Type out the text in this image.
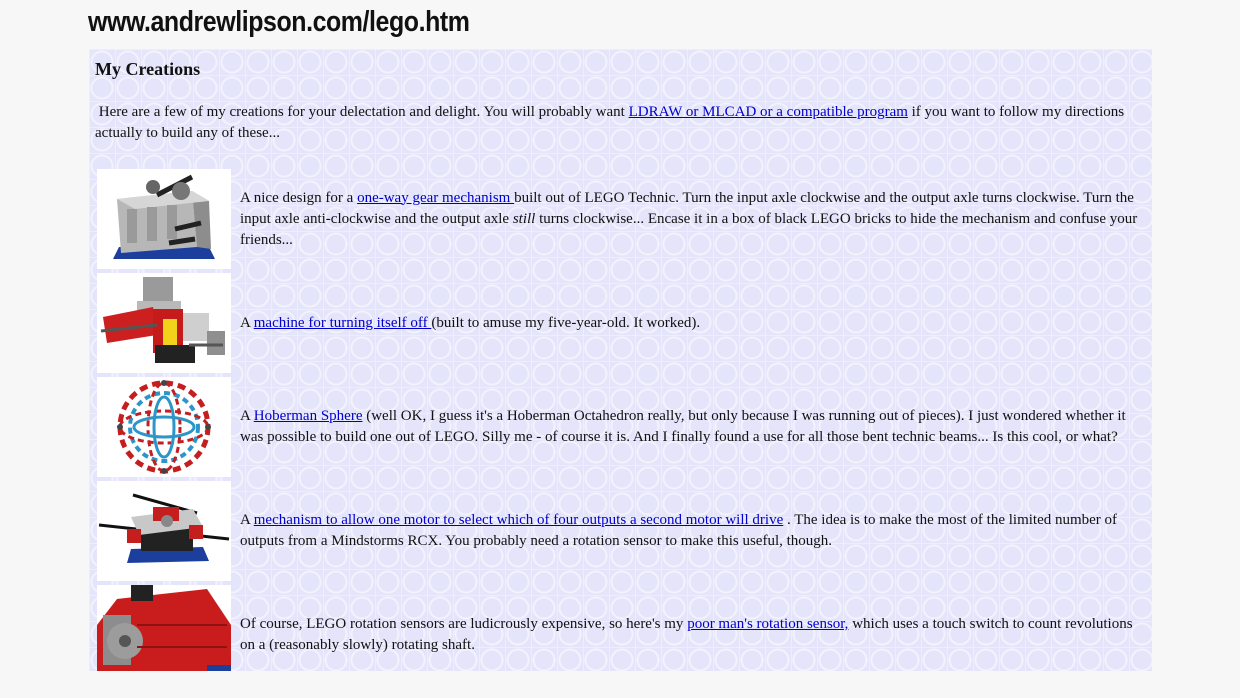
www.andrewlipson.com/lego.htm
My Creations

Here are a few of my creations for your delectation and delight. You will probably want LDRAW or MLCAD or a compatible program if you want to follow my directions actually to build any of these...

A nice design for a one-way gear mechanism built out of LEGO Technic. Turn the input axle clockwise and the output axle turns clockwise. Turn the input axle anti-clockwise and the output axle still turns clockwise... Encase it in a box of black LEGO bricks to hide the mechanism and confuse your friends...

A machine for turning itself off (built to amuse my five-year-old. It worked).

A Hoberman Sphere (well OK, I guess it's a Hoberman Octahedron really, but only because I was running out of pieces). I just wondered whether it was possible to build one out of LEGO. Silly me - of course it is. And I finally found a use for all those bent technic beams... Is this cool, or what?

A mechanism to allow one motor to select which of four outputs a second motor will drive . The idea is to make the most of the limited number of outputs from a Mindstorms RCX. You probably need a rotation sensor to make this useful, though.

Of course, LEGO rotation sensors are ludicrously expensive, so here's my poor man's rotation sensor, which uses a touch switch to count revolutions on a (reasonably slowly) rotating shaft.
